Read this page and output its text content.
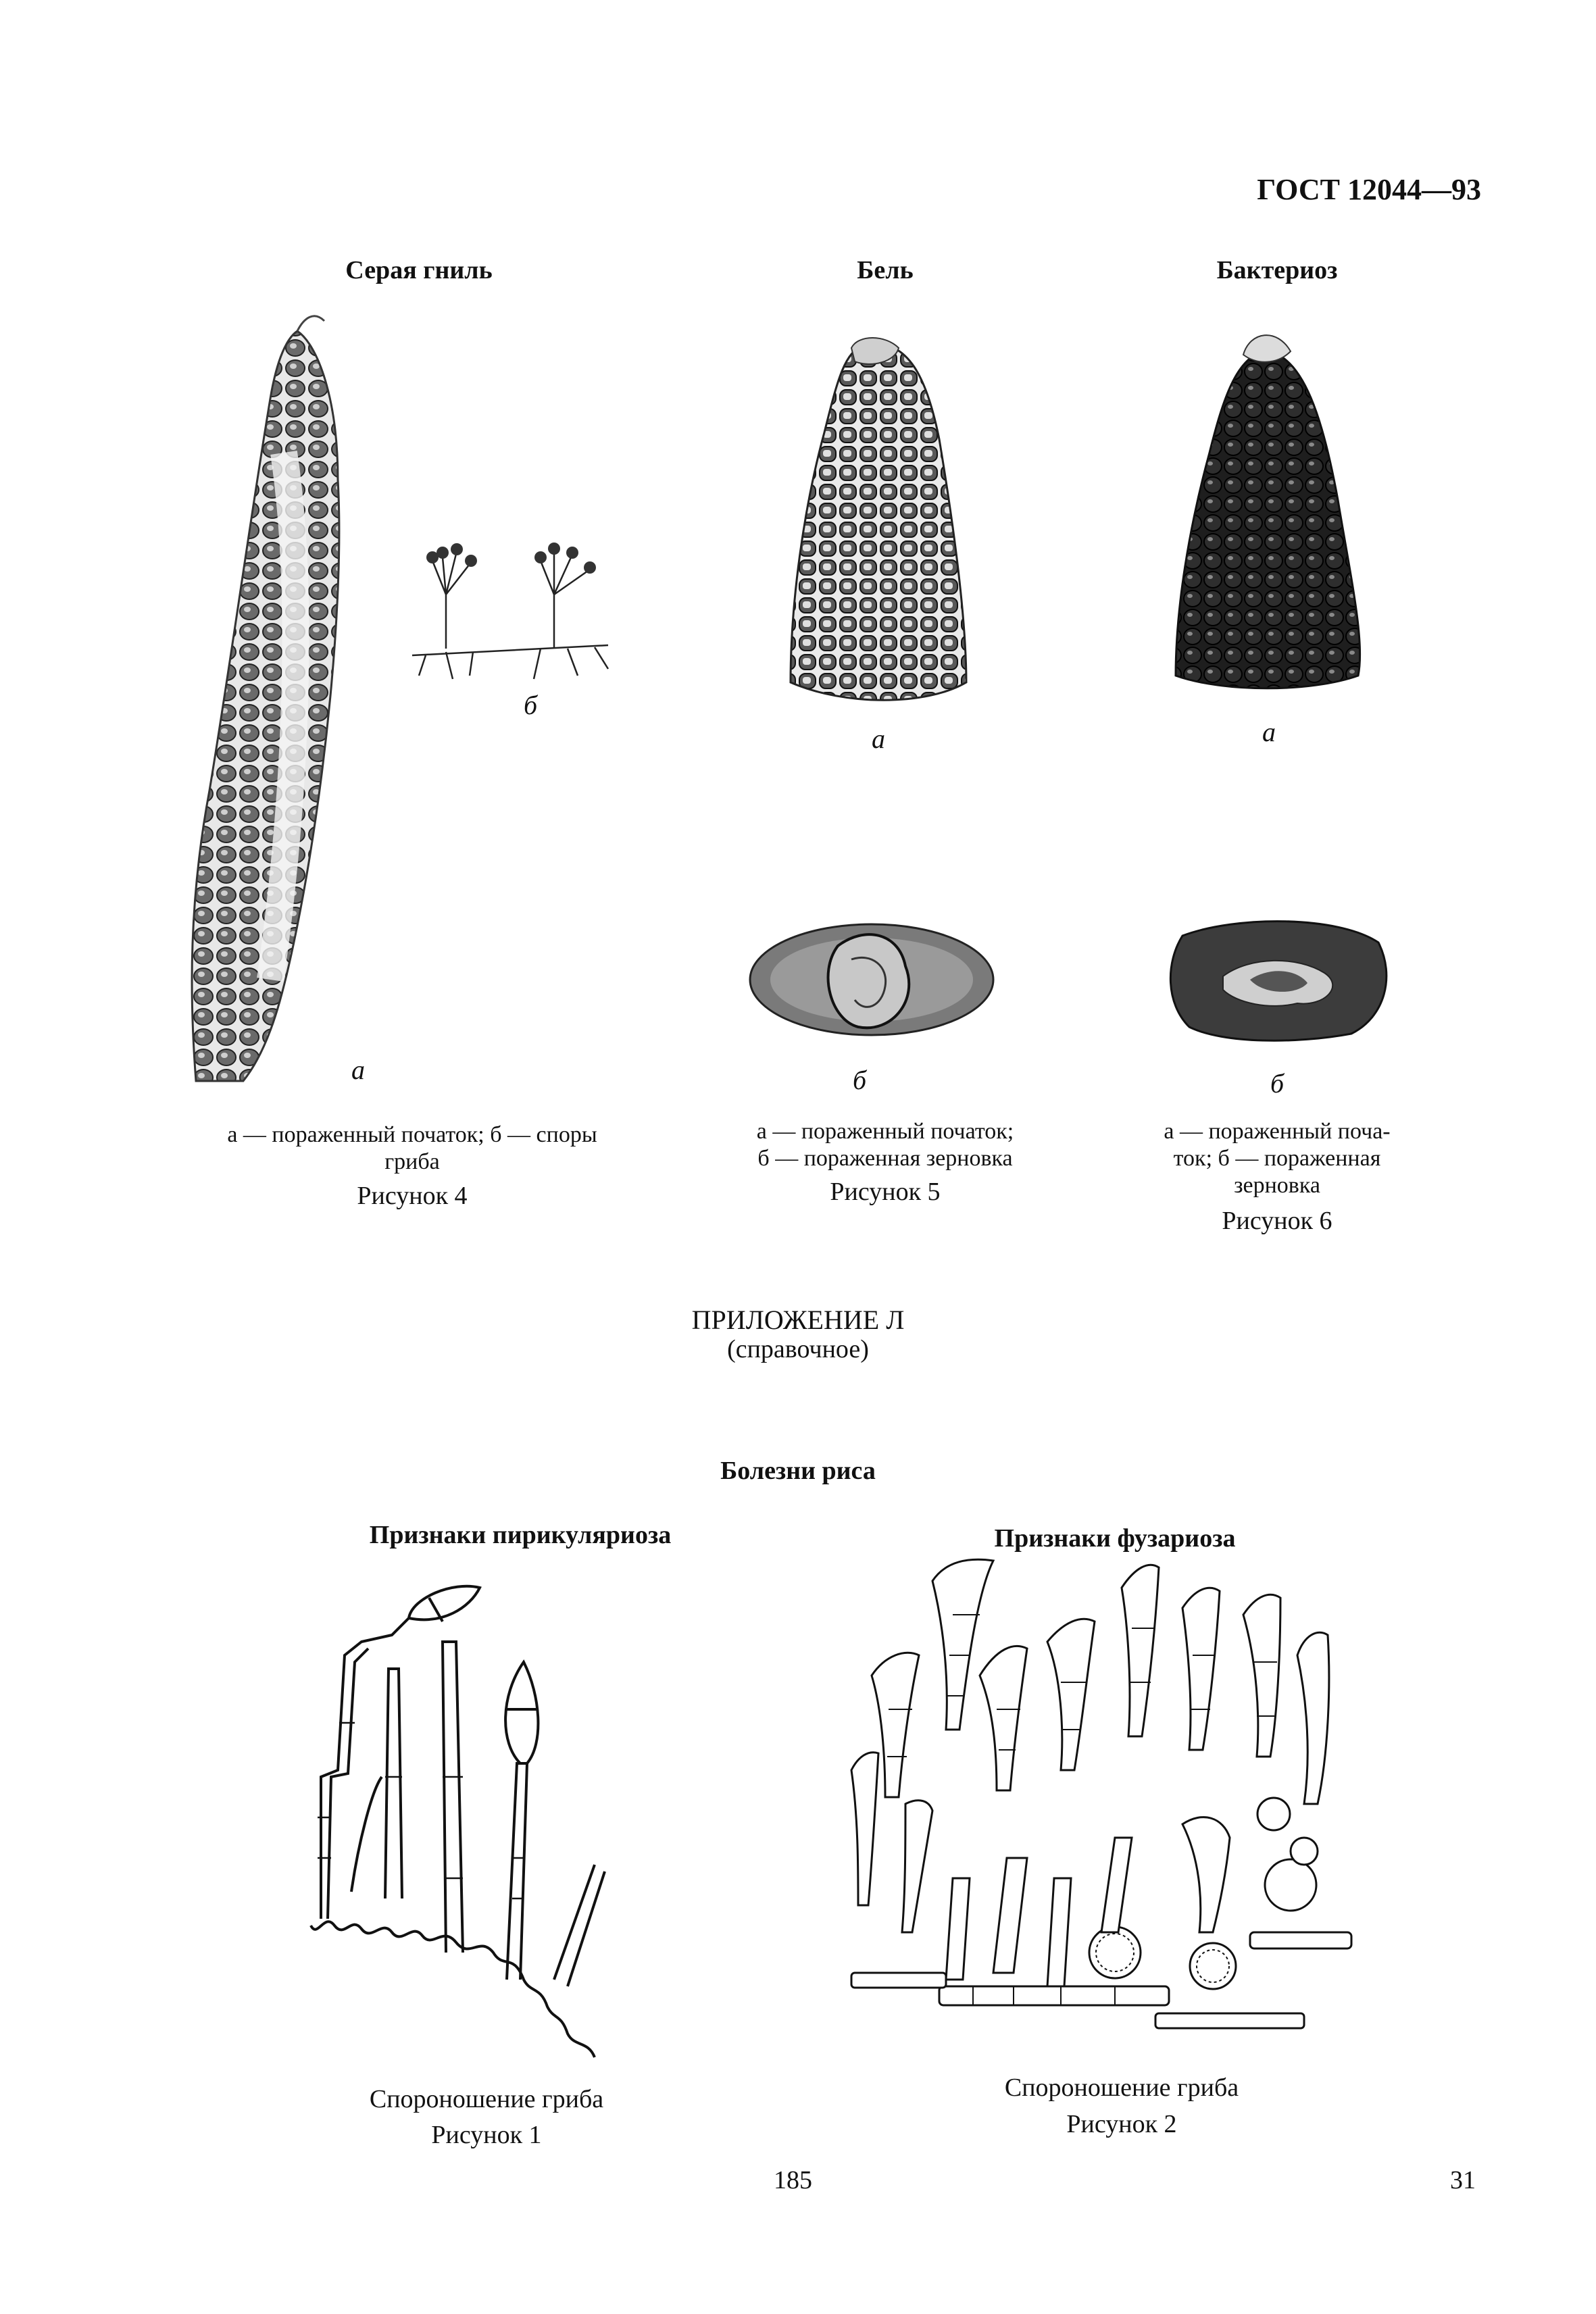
ГОСТ 12044—93
Серая гниль	Бель	Бактериоз
б
а
а
б
а
б
а — пораженный початок; б — споры
гриба
Рисунок 4
а — пораженный початок;
б — пораженная зерновка
Рисунок 5
а — пораженный поча-
ток; б — пораженная
зерновка
Рисунок 6
ПРИЛОЖЕНИЕ Л
(справочное)
Болезни риса
Признаки пирикуляриоза	Признаки фузариоза
Спороношение гриба
Рисунок 1
Спороношение гриба
Рисунок 2
185	31
